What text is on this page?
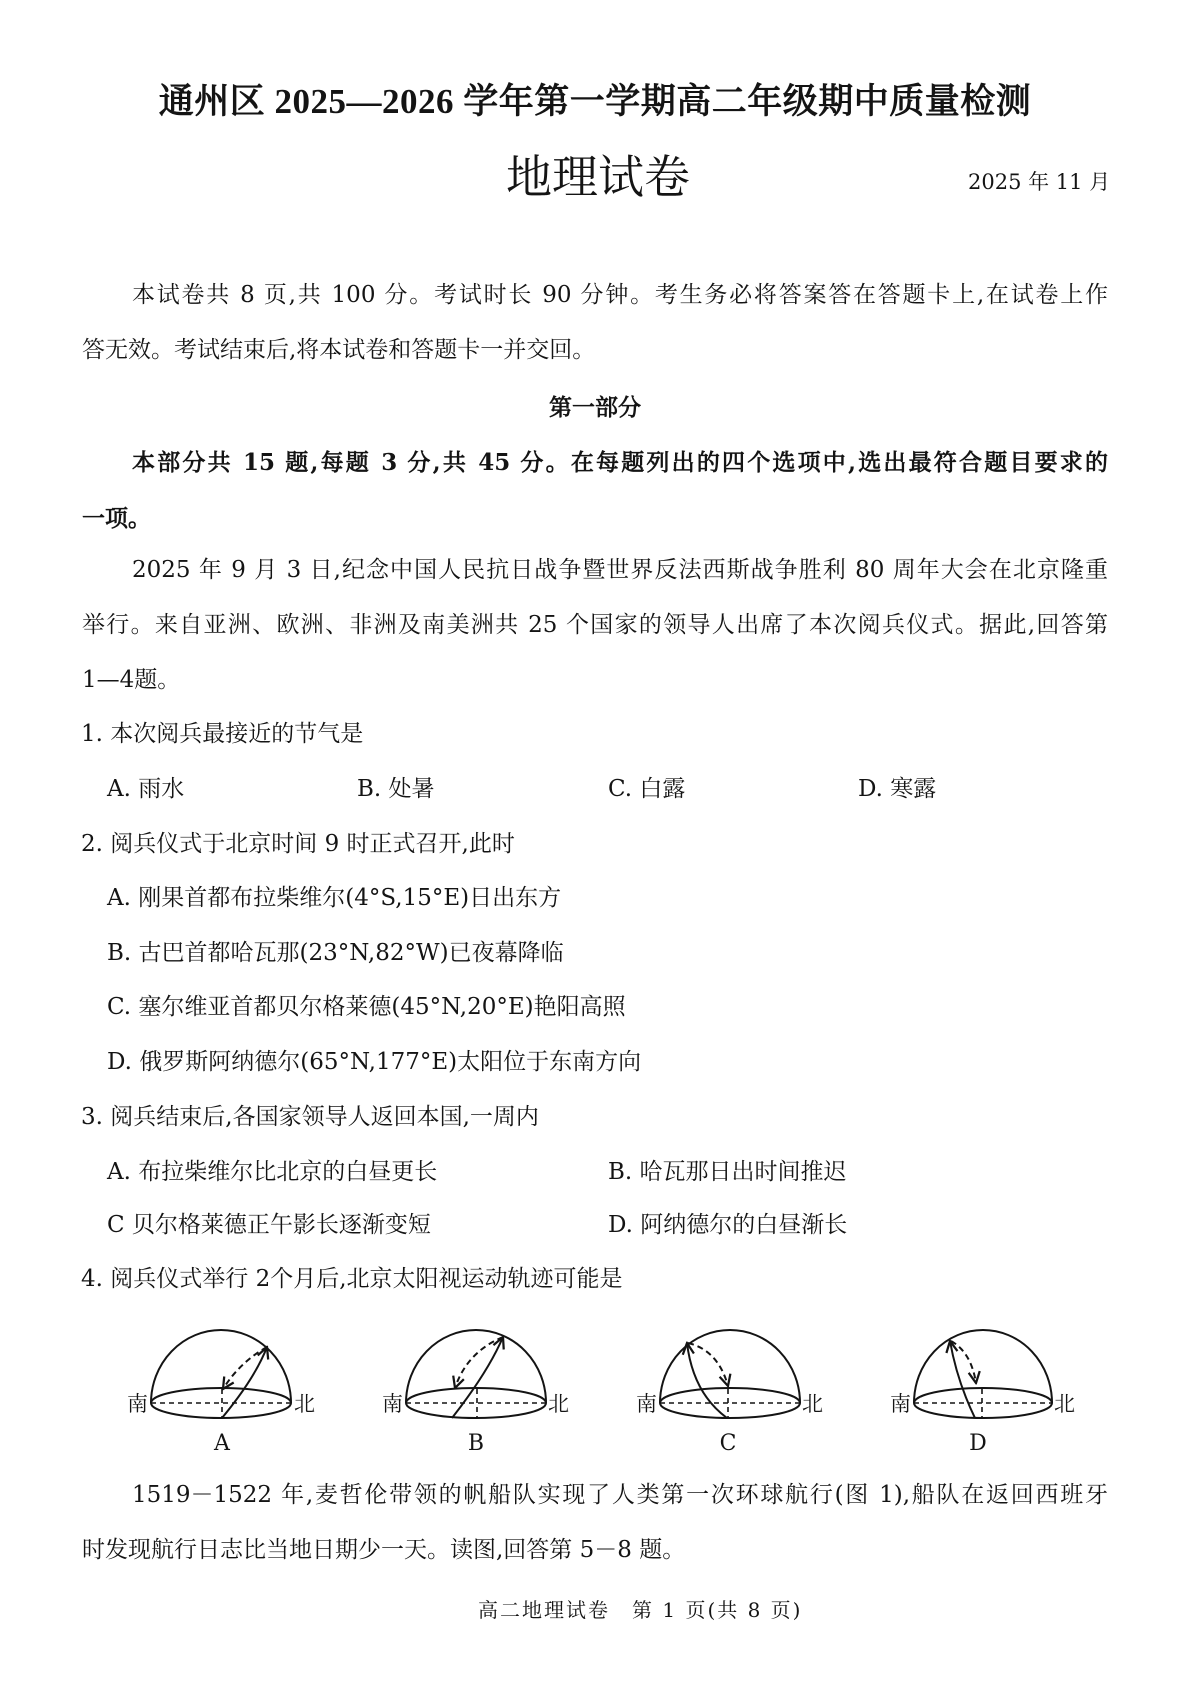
通州区 2025—2026 学年第一学期高二年级期中质量检测
地理试卷	2025 年 11 月
本试卷共 8 页,共 100 分。考试时长 90 分钟。考生务必将答案答在答题卡上,在试卷上作
答无效。考试结束后,将本试卷和答题卡一并交回。
第一部分
本部分共 15 题,每题 3 分,共 45 分。在每题列出的四个选项中,选出最符合题目要求的
一项。
2025 年 9 月 3 日,纪念中国人民抗日战争暨世界反法西斯战争胜利 80 周年大会在北京隆重
举行。来自亚洲、欧洲、非洲及南美洲共 25 个国家的领导人出席了本次阅兵仪式。据此,回答第
1—4题。
1. 本次阅兵最接近的节气是
A. 雨水	B. 处暑	C. 白露	D. 寒露
2. 阅兵仪式于北京时间 9 时正式召开,此时
A. 刚果首都布拉柴维尔(4°S,15°E)日出东方
B. 古巴首都哈瓦那(23°N,82°W)已夜幕降临
C. 塞尔维亚首都贝尔格莱德(45°N,20°E)艳阳高照
D. 俄罗斯阿纳德尔(65°N,177°E)太阳位于东南方向
3. 阅兵结束后,各国家领导人返回本国,一周内
A. 布拉柴维尔比北京的白昼更长	B. 哈瓦那日出时间推迟
C 贝尔格莱德正午影长逐渐变短	D. 阿纳德尔的白昼渐长
4. 阅兵仪式举行 2个月后,北京太阳视运动轨迹可能是
南	北	南	北	南	北	南	北
A	B	C	D
1519－1522 年,麦哲伦带领的帆船队实现了人类第一次环球航行(图 1),船队在返回西班牙
时发现航行日志比当地日期少一天。读图,回答第 5－8 题。
高二地理试卷　第 1 页(共 8 页)
